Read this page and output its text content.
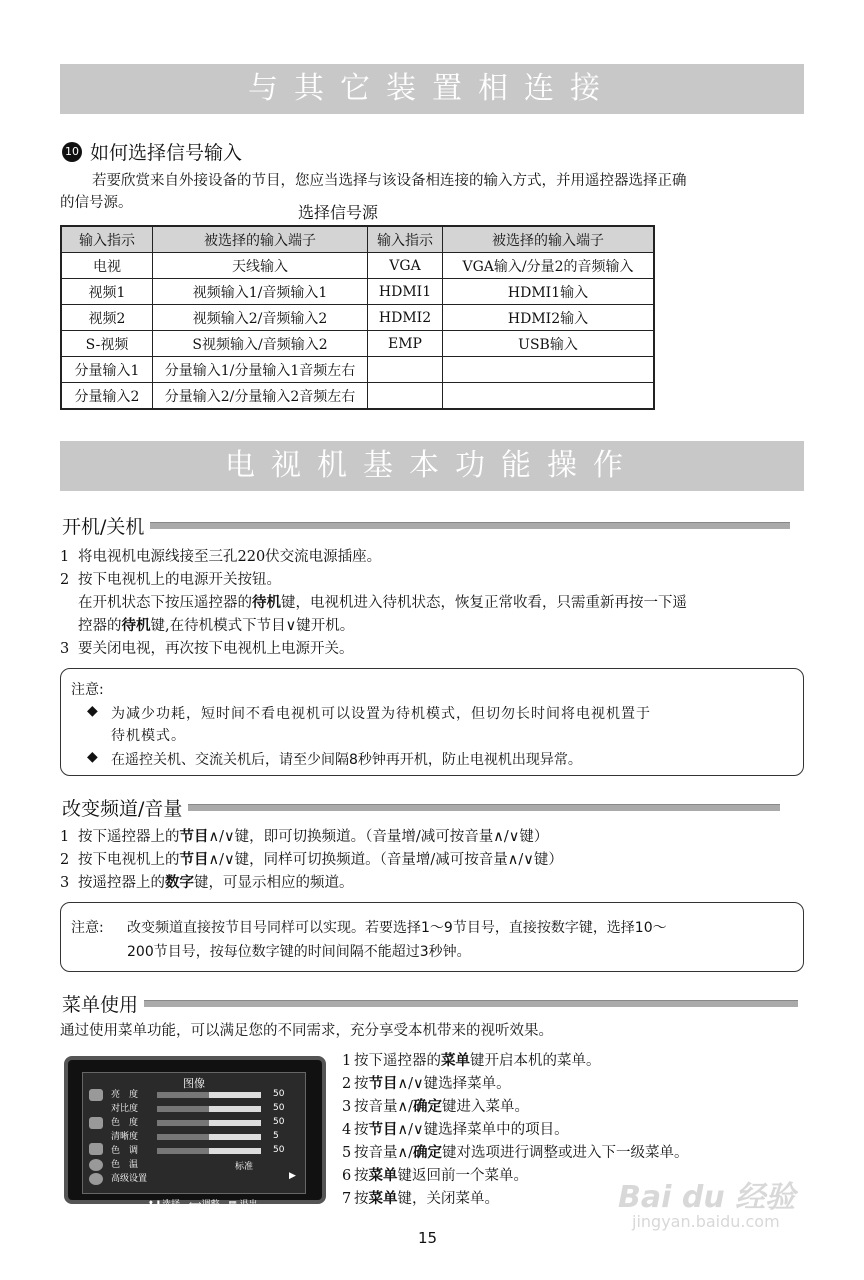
与其它装置相连接
10 如何选择信号输入
若要欣赏来自外接设备的节目，您应当选择与该设备相连接的输入方式，并用遥控器选择正确
的信号源。	选择信号源
输入指示	被选择的输入端子	输入指示	被选择的输入端子
电视	天线输入	VGA	VGA输入/分量2的音频输入
视频1	视频输入1/音频输入1	HDMI1	HDMI1输入
视频2	视频输入2/音频输入2	HDMI2	HDMI2输入
S-视频	S视频输入/音频输入2	EMP	USB输入
分量输入1	分量输入1/分量输入1音频左右		
分量输入2	分量输入2/分量输入2音频左右		
电视机基本功能操作
开机/关机
1 将电视机电源线接至三孔220伏交流电源插座。
2 按下电视机上的电源开关按钮。
在开机状态下按压遥控器的待机键，电视机进入待机状态，恢复正常收看，只需重新再按一下遥
控器的待机键,在待机模式下节目∨键开机。
3 要关闭电视，再次按下电视机上电源开关。
注意:
◆ 为减少功耗，短时间不看电视机可以设置为待机模式，但切勿长时间将电视机置于
待机模式。
◆ 在遥控关机、交流关机后，请至少间隔8秒钟再开机，防止电视机出现异常。
改变频道/音量
1 按下遥控器上的节目∧/∨键，即可切换频道。（音量增/减可按音量∧/∨键）
2 按下电视机上的节目∧/∨键，同样可切换频道。（音量增/减可按音量∧/∨键）
3 按遥控器上的数字键，可显示相应的频道。
注意: 改变频道直接按节目号同样可以实现。若要选择1～9节目号，直接按数字键，选择10～
200节目号，按每位数字键的时间间隔不能超过3秒钟。
菜单使用
通过使用菜单功能，可以满足您的不同需求，充分享受本机带来的视听效果。
图像
亮　度	50
对比度	50
色　度	50
清晰度	5
色　调	50
色　温	标准
高级设置	▶
⬆⬇选择 ⟺调整 ▦ 退出
1 按下遥控器的菜单键开启本机的菜单。
2 按节目∧/∨键选择菜单。
3 按音量∧/确定键进入菜单。
4 按节目∧/∨键选择菜单中的项目。
5 按音量∧/确定键对选项进行调整或进入下一级菜单。
6 按菜单键返回前一个菜单。
7 按菜单键，关闭菜单。
15
Bai du 经验
jingyan.baidu.com
